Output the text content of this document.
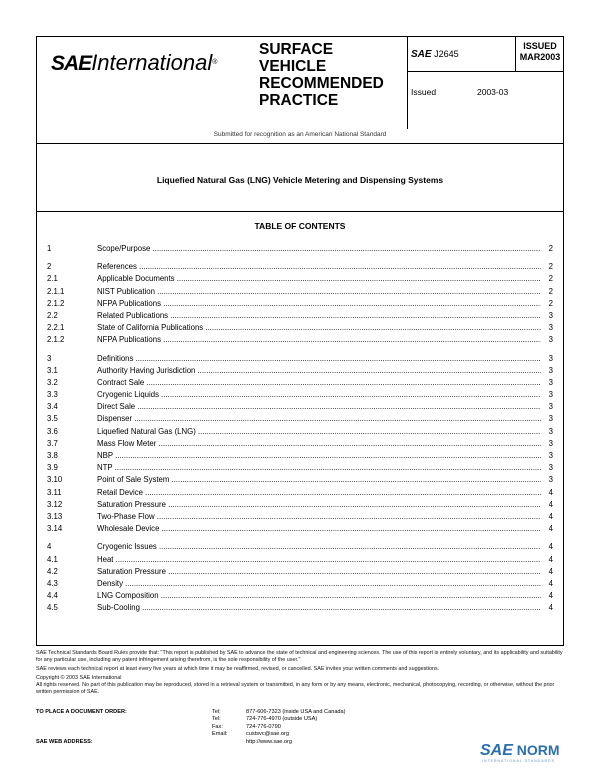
SAEInternational®
SURFACE
VEHICLE
RECOMMENDED
PRACTICE
SAE J2645
ISSUED
MAR2003
Issued	2003-03
Submitted for recognition as an American National Standard
Liquefied Natural Gas (LNG) Vehicle Metering and Dispensing Systems
TABLE OF CONTENTS
1	Scope/Purpose .....	2
2	References .....	2
2.1	Applicable Documents .....	2
2.1.1	NIST Publication .....	2
2.1.2	NFPA Publications .....	2
2.2	Related Publications .....	3
2.2.1	State of California Publications .....	3
2.1.2	NFPA Publications .....	3
3	Definitions .....	3
3.1	Authority Having Jurisdiction .....	3
3.2	Contract Sale .....	3
3.3	Cryogenic Liquids .....	3
3.4	Direct Sale .....	3
3.5	Dispenser .....	3
3.6	Liquefied Natural Gas (LNG) .....	3
3.7	Mass Flow Meter .....	3
3.8	NBP .....	3
3.9	NTP .....	3
3.10	Point of Sale System .....	3
3.11	Retail Device .....	4
3.12	Saturation Pressure .....	4
3.13	Two-Phase Flow .....	4
3.14	Wholesale Device .....	4
4	Cryogenic Issues .....	4
4.1	Heat .....	4
4.2	Saturation Pressure .....	4
4.3	Density .....	4
4.4	LNG Composition .....	4
4.5	Sub-Cooling .....	4

SAE Technical Standards Board Rules provide that: "This report is published by SAE to advance the state of technical and engineering sciences. The use of this report is entirely voluntary, and its applicability and suitability for any particular use, including any patent infringement arising therefrom, is the sole responsibility of the user."

SAE reviews each technical report at least every five years at which time it may be reaffirmed, revised, or cancelled. SAE invites your written comments and suggestions.

Copyright © 2003 SAE International

All rights reserved. No part of this publication may be reproduced, stored in a retrieval system or transmitted, in any form or by any means, electronic, mechanical, photocopying, recording, or otherwise, without the prior written permission of SAE.

TO PLACE A DOCUMENT ORDER:	Tel:	877-606-7323 (inside USA and Canada)
Tel:	724-776-4970 (outside USA)
Fax:	724-776-0790
Email:	custsvc@sae.org
SAE WEB ADDRESS:	http://www.sae.org	SAE NORM
INTERNATIONAL STANDARDS
